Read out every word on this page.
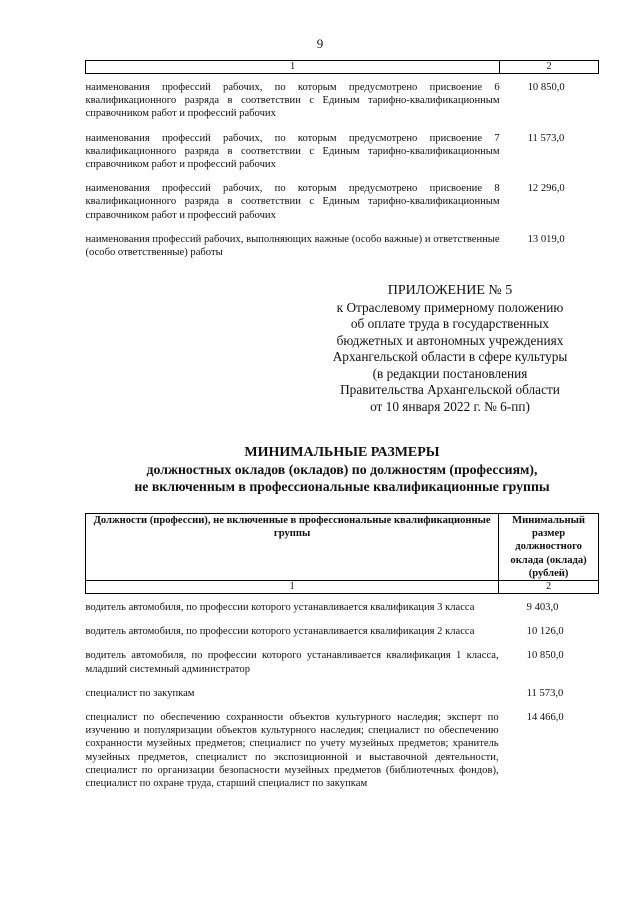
9
1	2
наименования профессий рабочих, по которым предусмотрено присвоение 6 квалификационного разряда в соответствии с Единым тарифно-квалификационным справочником работ и профессий рабочих	10 850,0
наименования профессий рабочих, по которым предусмотрено присвоение 7 квалификационного разряда в соответствии с Единым тарифно-квалификационным справочником работ и профессий рабочих	11 573,0
наименования профессий рабочих, по которым предусмотрено присвоение 8 квалификационного разряда в соответствии с Единым тарифно-квалификационным справочником работ и профессий рабочих	12 296,0
наименования профессий рабочих, выполняющих важные (особо важные) и ответственные (особо ответственные) работы	13 019,0
ПРИЛОЖЕНИЕ № 5
к Отраслевому примерному положению
об оплате труда в государственных
бюджетных и автономных учреждениях
Архангельской области в сфере культуры
(в редакции постановления
Правительства Архангельской области
от 10 января 2022 г. № 6-пп)
МИНИМАЛЬНЫЕ РАЗМЕРЫ
должностных окладов (окладов) по должностям (профессиям),
не включенным в профессиональные квалификационные группы
Должности (профессии), не включенные в профессиональные квалификационные группы	Минимальный размер должностного оклада (оклада) (рублей)
1	2
водитель автомобиля, по профессии которого устанавливается квалификация 3 класса	9 403,0
водитель автомобиля, по профессии которого устанавливается квалификация 2 класса	10 126,0
водитель автомобиля, по профессии которого устанавливается квалификация 1 класса, младший системный администратор	10 850,0
специалист по закупкам	11 573,0
специалист по обеспечению сохранности объектов культурного наследия; эксперт по изучению и популяризации объектов культурного наследия; специалист по обеспечению сохранности музейных предметов; специалист по учету музейных предметов; хранитель музейных предметов, специалист по экспозиционной и выставочной деятельности, специалист по организации безопасности музейных предметов (библиотечных фондов), специалист по охране труда, старший специалист по закупкам	14 466,0
